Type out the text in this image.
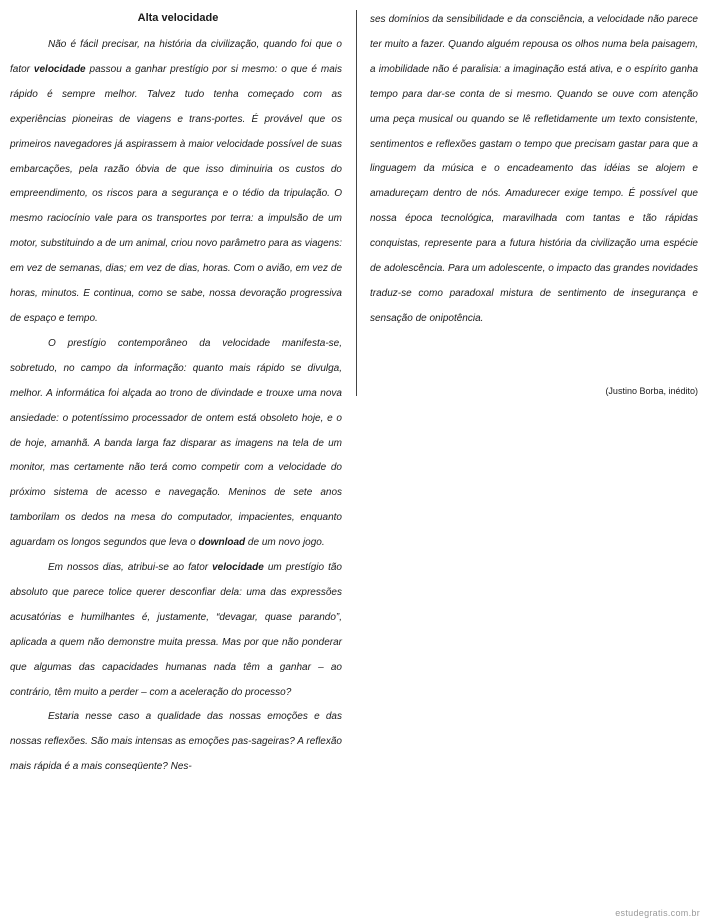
Alta velocidade

Não é fácil precisar, na história da civilização, quando foi que o fator velocidade passou a ganhar prestígio por si mesmo: o que é mais rápido é sempre melhor. Talvez tudo tenha começado com as experiências pioneiras de viagens e trans-portes. É provável que os primeiros navegadores já aspirassem à maior velocidade possível de suas embarcações, pela razão óbvia de que isso diminuiria os custos do empreendimento, os riscos para a segurança e o tédio da tripulação. O mesmo raciocínio vale para os transportes por terra: a impulsão de um motor, substituindo a de um animal, criou novo parâmetro para as viagens: em vez de semanas, dias; em vez de dias, horas. Com o avião, em vez de horas, minutos. E continua, como se sabe, nossa devoração progressiva de espaço e tempo.

O prestígio contemporâneo da velocidade manifesta-se, sobretudo, no campo da informação: quanto mais rápido se divulga, melhor. A informática foi alçada ao trono de divindade e trouxe uma nova ansiedade: o potentíssimo processador de ontem está obsoleto hoje, e o de hoje, amanhã. A banda larga faz disparar as imagens na tela de um monitor, mas certamente não terá como competir com a velocidade do próximo sistema de acesso e navegação. Meninos de sete anos tamborilam os dedos na mesa do computador, impacientes, enquanto aguardam os longos segundos que leva o download de um novo jogo.

Em nossos dias, atribui-se ao fator velocidade um prestígio tão absoluto que parece tolice querer desconfiar dela: uma das expressões acusatórias e humilhantes é, justamente, “devagar, quase parando”, aplicada a quem não demonstre muita pressa. Mas por que não ponderar que algumas das capacidades humanas nada têm a ganhar – ao contrário, têm muito a perder – com a aceleração do processo?

Estaria nesse caso a qualidade das nossas emoções e das nossas reflexões. São mais intensas as emoções pas-sageiras? A reflexão mais rápida é a mais conseqüente? Nes-

ses domínios da sensibilidade e da consciência, a velocidade não parece ter muito a fazer. Quando alguém repousa os olhos numa bela paisagem, a imobilidade não é paralisia: a imaginação está ativa, e o espírito ganha tempo para dar-se conta de si mesmo. Quando se ouve com atenção uma peça musical ou quando se lê refletidamente um texto consistente, sentimentos e reflexões gastam o tempo que precisam gastar para que a linguagem da música e o encadeamento das idéias se alojem e amadureçam dentro de nós. Amadurecer exige tempo. É possível que nossa época tecnológica, maravilhada com tantas e tão rápidas conquistas, represente para a futura história da civilização uma espécie de adolescência. Para um adolescente, o impacto das grandes novidades traduz-se como paradoxal mistura de sentimento de insegurança e sensação de onipotência.

(Justino Borba, inédito)
estudegratis.com.br
